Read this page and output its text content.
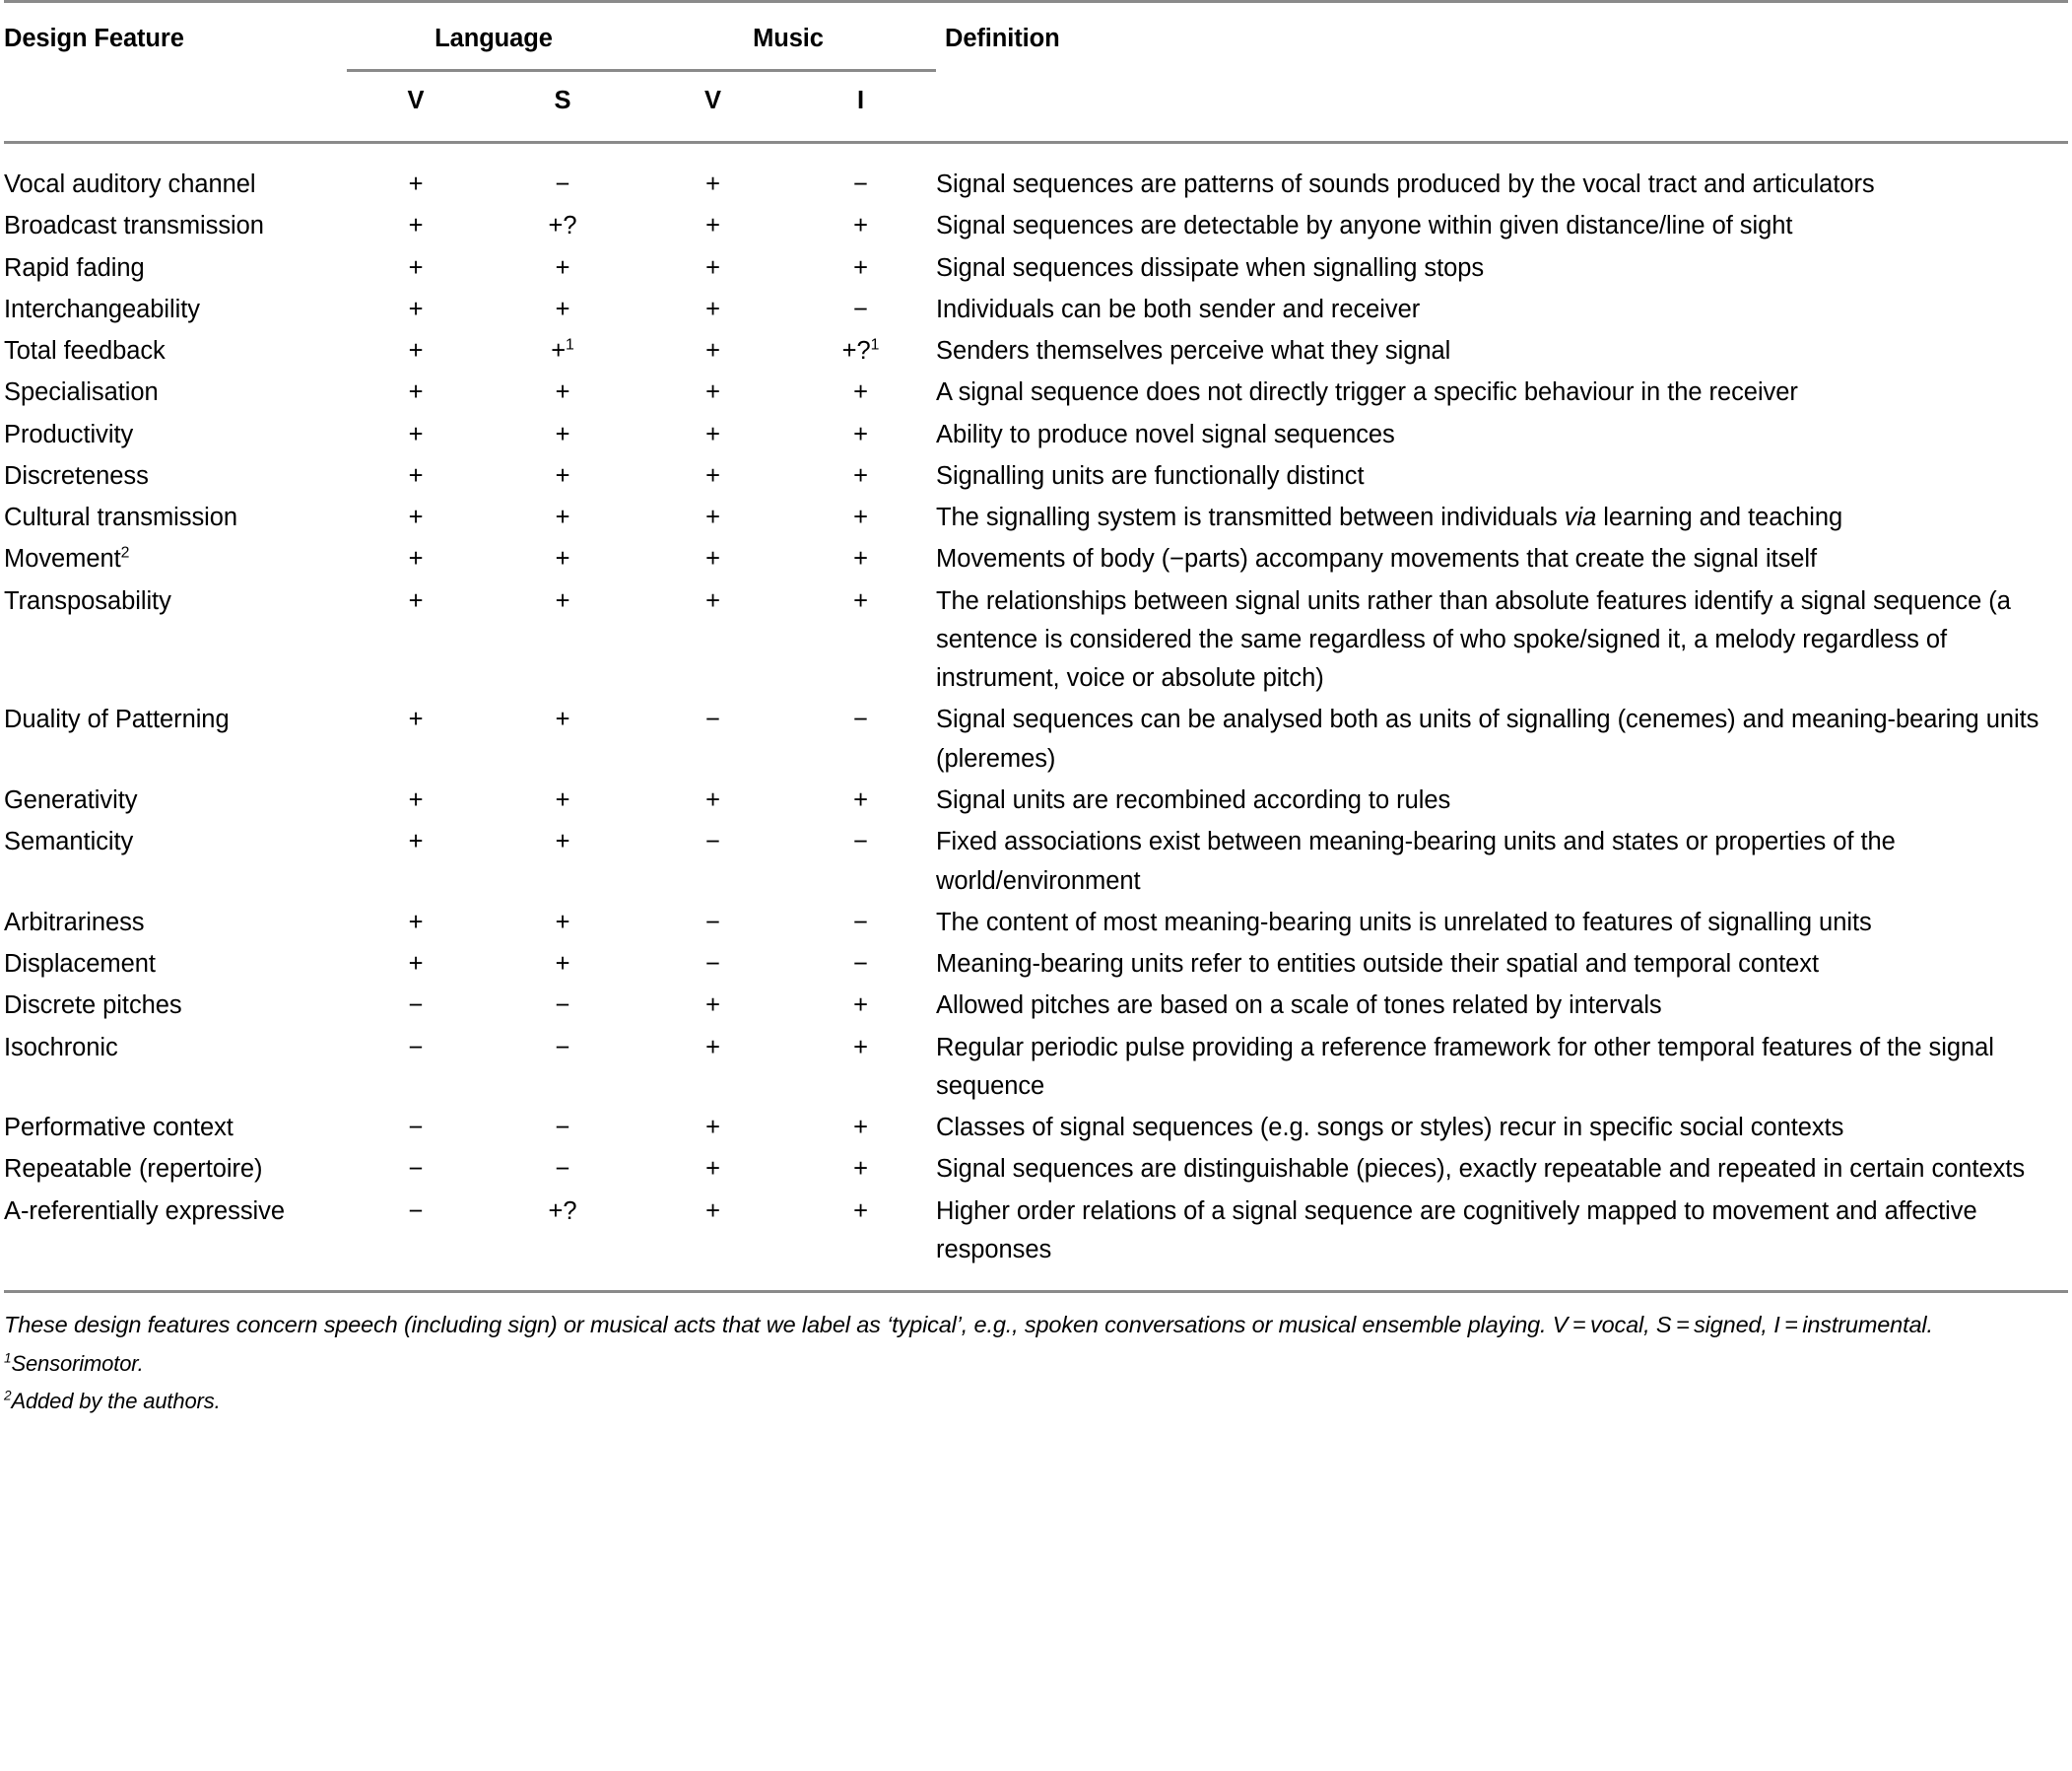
Design Feature	Language		Music		Definition

	V	S	V	I	

Vocal auditory channel	+	−	+	−	Signal sequences are patterns of sounds produced by the vocal tract and articulators
Broadcast transmission	+	+?	+	+	Signal sequences are detectable by anyone within given distance/line of sight
Rapid fading	+	+	+	+	Signal sequences dissipate when signalling stops
Interchangeability	+	+	+	−	Individuals can be both sender and receiver
Total feedback	+	+$^1$	+	+?$^1$	Senders themselves perceive what they signal
Specialisation	+	+	+	+	A signal sequence does not directly trigger a specific behaviour in the receiver
Productivity	+	+	+	+	Ability to produce novel signal sequences
Discreteness	+	+	+	+	Signalling units are functionally distinct
Cultural transmission	+	+	+	+	The signalling system is transmitted between individuals via learning and teaching
Movement$^2$	+	+	+	+	Movements of body (−parts) accompany movements that create the signal itself
Transposability	+	+	+	+	The relationships between signal units rather than absolute features identify a signal sequence (a sentence is considered the same regardless of who spoke/signed it, a melody regardless of instrument, voice or absolute pitch)
Duality of Patterning	+	+	−	−	Signal sequences can be analysed both as units of signalling (cenemes) and meaning-bearing units (pleremes)
Generativity	+	+	+	+	Signal units are recombined according to rules
Semanticity	+	+	−	−	Fixed associations exist between meaning-bearing units and states or properties of the world/environment
Arbitrariness	+	+	−	−	The content of most meaning-bearing units is unrelated to features of signalling units
Displacement	+	+	−	−	Meaning-bearing units refer to entities outside their spatial and temporal context
Discrete pitches	−	−	+	+	Allowed pitches are based on a scale of tones related by intervals
Isochronic	−	−	+	+	Regular periodic pulse providing a reference framework for other temporal features of the signal sequence
Performative context	−	−	+	+	Classes of signal sequences (e.g. songs or styles) recur in specific social contexts
Repeatable (repertoire)	−	−	+	+	Signal sequences are distinguishable (pieces), exactly repeatable and repeated in certain contexts
A-referentially expressive	−	+?	+	+	Higher order relations of a signal sequence are cognitively mapped to movement and affective responses

These design features concern speech (including sign) or musical acts that we label as ‘typical’, e.g., spoken conversations or musical ensemble playing. V = vocal, S = signed, I = instrumental.

$^1$Sensorimotor.

$^2$Added by the authors.
